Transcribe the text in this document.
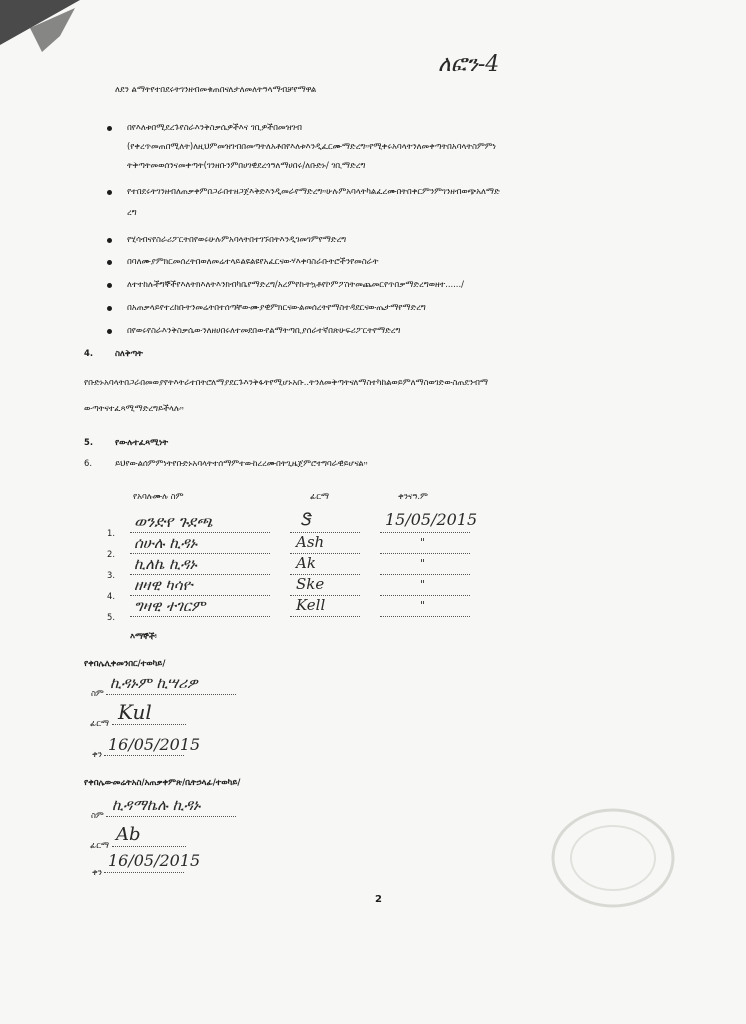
ለፎን-4
ለደን ልማትየተበደሩትገንዘብመቁጠበናለታለመለትዓላማብቻየማዋል
በየእለቱበሚደረጉየስራእንቅስቃሴዎችእና ገቢዎችበመዝገብ
(የቀረጥመጠበሚለት)ለዚህምመዝገብበመጣትለአቶበየእለቱእንዲፈርሙማድረግ።የሚቀሩአባላትንለመቀጣትበአባላትስምምነ
ትቅጣትመወሰንናመቀጣት(ገንዘቡንምበሀገዊደረጎዓለማሀበሩ/ለቡድኑ/ ገቢማድረግ
የተበደሩትገንዘብለጠቃቀምበጋራበተዘጋጀእቅድእንዲመራየማድረግ።ሁሉምአባላትካልፈረሙበትበቀርምንምገንዘብወጭአለማድ
ረግ
የሂሳብናየስራሪፖርትበየወሩሁሉምአባላትበተገኙበትእንዲገመገምየማድረግ
በባለሙያምክርመሰረትበወለመሬተላይልዩልዩየአፈርናውሃእቀባስራቡትሮችንየመስራት
ለተተከሉችግኞችየእለትክእለትእንክብካቤየማድረግ/አረምየኩትኳቶየኮምፖስትመጨመርየጥበቃማድረግወዘተ....../
በአጠቃላይየተረከቡትንመሬትበተሰጣቸውሙያዊምክርናውልመሰረትየማስተዳደርናውጤታማየማድረግ
በየወሩየስራእንቅስቃሴውንለዘሀበሩለተመደበውየልማትጣቢያሰራተኛበጽሁፍሪፖርትየማድረግ
4.	ስለቅጣት
የቡድኑአባላትበጋራበመወያየትእትራተበትሮለማያደርጉእንቅፋትየሚሆኑአቡ..ትንለመቅጣትናለማስተካከልወይምለማስወገድውስጠደንብማ
ውጣትናተፈጻሚማድረግይችላሉ።
5.	የውሉተፈጻሚነት
6.	ይህየውልሰምምነትየቡድኑአባላትተሰማምተውከረረሙበትጊዜጀምሮተግባራዊይሆናል።
የአባሉሙሉ ስም	ፊርማ	ቀንናዓ.ም
1.
ወንድየ ጉደጫ	Ꮥ	15/05/2015
2.
ሰሁሉ ኪዳኑ	Ash	"
3.
ኪለኬ ኪዳኑ	Ak	"
4.
ዘዛዊ ካሳዮ	Ske	"
5.
ግዛዊ ተገርም	Kell	"
እማኞች፡
የቀበሌሊቀመንበር/ተወካይ/
ስም
ኪዳኑም ኪሣሪዎ
ፊርማ Kul
ቀን 16/05/2015
የቀበሌውመሬትአስ/አጠቃቀምጽ/ቤትኃላፊ/ተወካይ/
ስም
ኪዳማኬሉ ኪዳኑ
ፊርማ Ab
ቀን
16/05/2015
2
